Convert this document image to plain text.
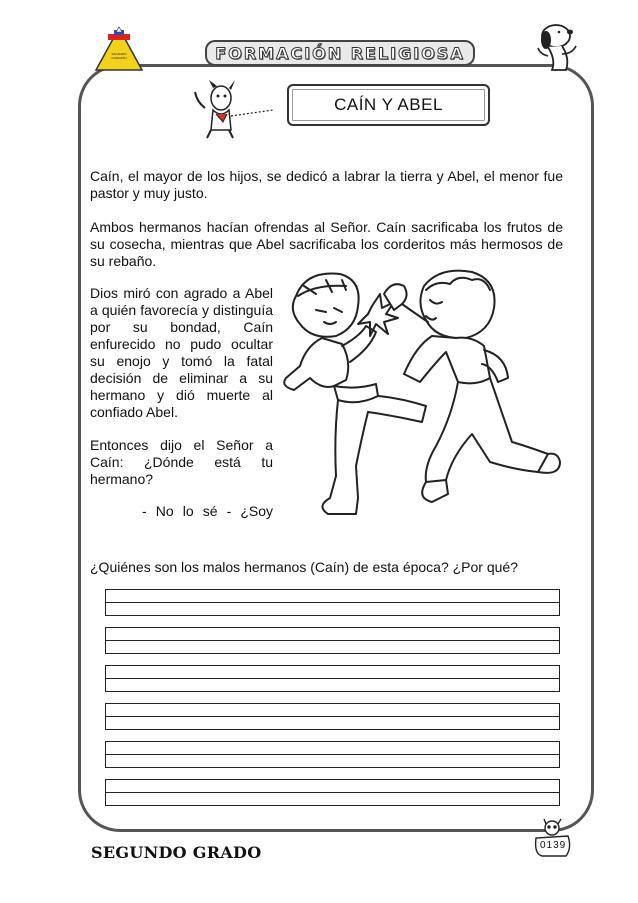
SAGRADO CORAZÓN	FORMACIÓN RELIGIOSA
CAÍN Y ABEL

Caín, el mayor de los hijos, se dedicó a labrar la tierra y Abel, el menor fue pastor y muy justo.

Ambos hermanos hacían ofrendas al Señor. Caín sacrificaba los frutos de su cosecha, mientras que Abel sacrificaba los corderitos más hermosos de su rebaño.

Dios miró con agrado a Abel a quién favorecía y distinguía por su bondad, Caín enfurecido no pudo ocultar su enojo y tomó la fatal decisión de eliminar a su hermano y dió muerte al confiado Abel.

Entonces dijo el Señor a Caín: ¿Dónde está tu hermano?

- No lo sé - ¿Soy

¿Quiénes son los malos hermanos (Caín) de esta época? ¿Por qué?

SEGUNDO GRADO	0139
